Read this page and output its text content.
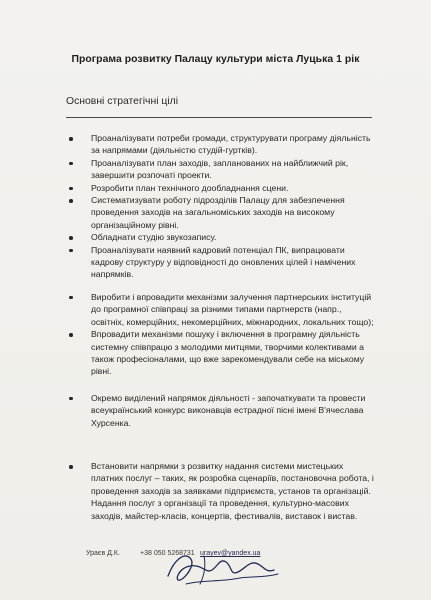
Програма розвитку Палацу культури міста Луцька 1 рік
Основні стратегічні цілі
Проаналізувати потреби громади, структурувати програму діяльність за напрямами (діяльністю студій-гуртків).
Проаналізувати план заходів, запланованих на найближчий рік, завершити розпочаті проекти.
Розробити план технічного дообладнання сцени.
Систематизувати роботу підрозділів Палацу для забезпечення проведення заходів на загальноміських заходів на високому організаційному рівні.
Обладнати студію звукозапису.
Проаналізувати наявний кадровий потенціал ПК, випрацювати кадрову структуру у відповідності до оновлених цілей і намічених напрямків.
Виробити і впровадити механізми залучення партнерських інституцій до програмної співпраці за різними типами партнерств (напр., освітніх, комерційних, некомерційних, міжнародних, локальних тощо);
Впровадити механізми пошуку і включення в програмну діяльність системну співпрацю з молодими митцями, творчими колективами а також професіоналами, що вже зарекомендували себе на міському рівні.
Окремо виділений напрямок діяльності - започаткувати та провести всеукраїнський конкурс виконавців естрадної пісні імені В'ячеслава Хурсенка.
Встановити напрямки з розвитку надання системи мистецьких платних послуг – таких, як розробка сценаріїв, постановочна робота, і проведення заходів за заявками підприємств, установ та організацій. Надання послуг з організації та проведення, культурно-масових заходів, майстер-класів, концертів, фестивалів, виставок і вистав.
Ураєв Д.К.	+38 050 5268731 urayev@yandex.ua
